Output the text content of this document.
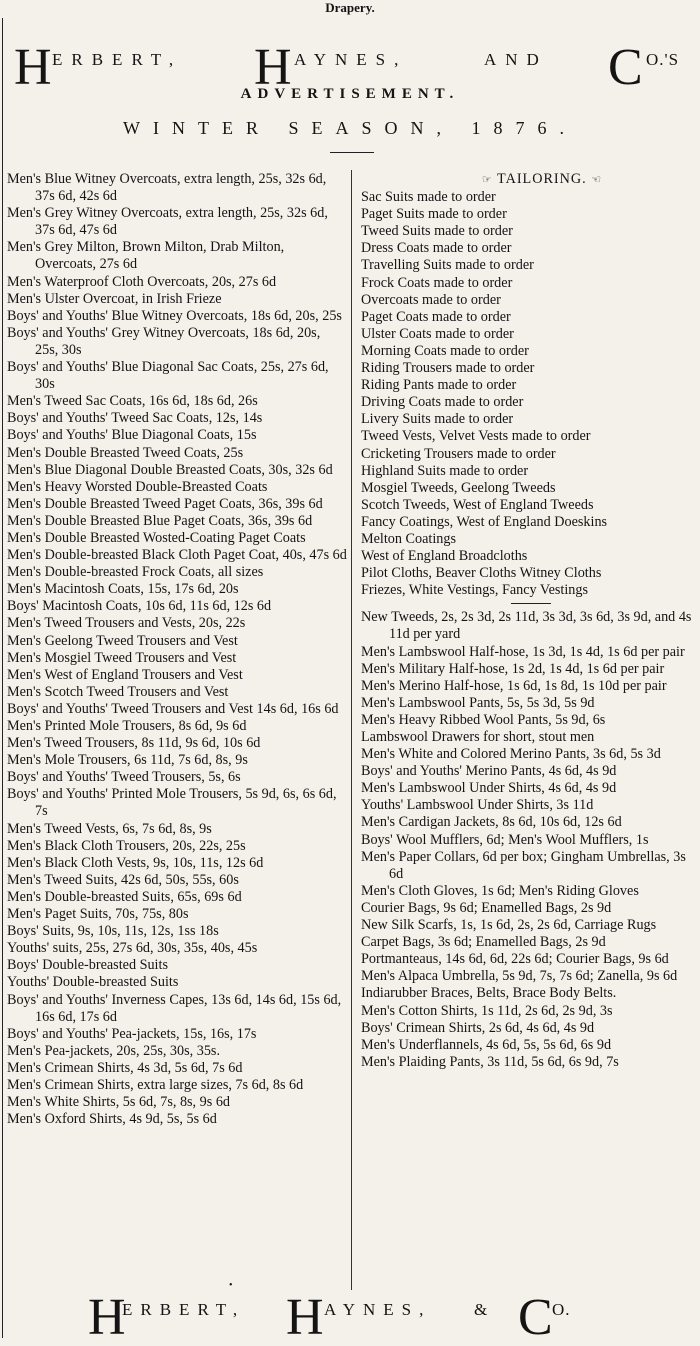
Drapery.
H ERBERT, H AYNES,	AND C O.'S
ADVERTISEMENT.
WINTER SEASON, 1876.

Men's Blue Witney Overcoats, extra length, 25s, 32s 6d, 37s 6d, 42s 6d

Men's Grey Witney Overcoats, extra length, 25s, 32s 6d, 37s 6d, 47s 6d

Men's Grey Milton, Brown Milton, Drab Milton, Overcoats, 27s 6d

Men's Waterproof Cloth Overcoats, 20s, 27s 6d

Men's Ulster Overcoat, in Irish Frieze

Boys' and Youths' Blue Witney Overcoats, 18s 6d, 20s, 25s

Boys' and Youths' Grey Witney Overcoats, 18s 6d, 20s, 25s, 30s

Boys' and Youths' Blue Diagonal Sac Coats, 25s, 27s 6d, 30s

Men's Tweed Sac Coats, 16s 6d, 18s 6d, 26s

Boys' and Youths' Tweed Sac Coats, 12s, 14s

Boys' and Youths' Blue Diagonal Coats, 15s

Men's Double Breasted Tweed Coats, 25s

Men's Blue Diagonal Double Breasted Coats, 30s, 32s 6d

Men's Heavy Worsted Double-Breasted Coats

Men's Double Breasted Tweed Paget Coats, 36s, 39s 6d

Men's Double Breasted Blue Paget Coats, 36s, 39s 6d

Men's Double Breasted Wosted-Coating Paget Coats

Men's Double-breasted Black Cloth Paget Coat, 40s, 47s 6d

Men's Double-breasted Frock Coats, all sizes

Men's Macintosh Coats, 15s, 17s 6d, 20s

Boys' Macintosh Coats, 10s 6d, 11s 6d, 12s 6d

Men's Tweed Trousers and Vests, 20s, 22s

Men's Geelong Tweed Trousers and Vest

Men's Mosgiel Tweed Trousers and Vest

Men's West of England Trousers and Vest

Men's Scotch Tweed Trousers and Vest

Boys' and Youths' Tweed Trousers and Vest 14s 6d, 16s 6d

Men's Printed Mole Trousers, 8s 6d, 9s 6d

Men's Tweed Trousers, 8s 11d, 9s 6d, 10s 6d

Men's Mole Trousers, 6s 11d, 7s 6d, 8s, 9s

Boys' and Youths' Tweed Trousers, 5s, 6s

Boys' and Youths' Printed Mole Trousers, 5s 9d, 6s, 6s 6d, 7s

Men's Tweed Vests, 6s, 7s 6d, 8s, 9s

Men's Black Cloth Trousers, 20s, 22s, 25s

Men's Black Cloth Vests, 9s, 10s, 11s, 12s 6d

Men's Tweed Suits, 42s 6d, 50s, 55s, 60s

Men's Double-breasted Suits, 65s, 69s 6d

Men's Paget Suits, 70s, 75s, 80s

Boys' Suits, 9s, 10s, 11s, 12s, 1ss 18s

Youths' suits, 25s, 27s 6d, 30s, 35s, 40s, 45s

Boys' Double-breasted Suits

Youths' Double-breasted Suits

Boys' and Youths' Inverness Capes, 13s 6d, 14s 6d, 15s 6d, 16s 6d, 17s 6d

Boys' and Youths' Pea-jackets, 15s, 16s, 17s

Men's Pea-jackets, 20s, 25s, 30s, 35s.

Men's Crimean Shirts, 4s 3d, 5s 6d, 7s 6d

Men's Crimean Shirts, extra large sizes, 7s 6d, 8s 6d

Men's White Shirts, 5s 6d, 7s, 8s, 9s 6d

Men's Oxford Shirts, 4s 9d, 5s, 5s 6d

☞ TAILORING. ☜

Sac Suits made to order

Paget Suits made to order

Tweed Suits made to order

Dress Coats made to order

Travelling Suits made to order

Frock Coats made to order

Overcoats made to order

Paget Coats made to order

Ulster Coats made to order

Morning Coats made to order

Riding Trousers made to order

Riding Pants made to order

Driving Coats made to order

Livery Suits made to order

Tweed Vests, Velvet Vests made to order

Cricketing Trousers made to order

Highland Suits made to order

Mosgiel Tweeds, Geelong Tweeds

Scotch Tweeds, West of England Tweeds

Fancy Coatings, West of England Doeskins

Melton Coatings

West of England Broadcloths

Pilot Cloths, Beaver Cloths Witney Cloths

Friezes, White Vestings, Fancy Vestings

New Tweeds, 2s, 2s 3d, 2s 11d, 3s 3d, 3s 6d, 3s 9d, and 4s 11d per yard

Men's Lambswool Half-hose, 1s 3d, 1s 4d, 1s 6d per pair

Men's Military Half-hose, 1s 2d, 1s 4d, 1s 6d per pair

Men's Merino Half-hose, 1s 6d, 1s 8d, 1s 10d per pair

Men's Lambswool Pants, 5s, 5s 3d, 5s 9d

Men's Heavy Ribbed Wool Pants, 5s 9d, 6s

Lambswool Drawers for short, stout men

Men's White and Colored Merino Pants, 3s 6d, 5s 3d

Boys' and Youths' Merino Pants, 4s 6d, 4s 9d

Men's Lambswool Under Shirts, 4s 6d, 4s 9d

Youths' Lambswool Under Shirts, 3s 11d

Men's Cardigan Jackets, 8s 6d, 10s 6d, 12s 6d

Boys' Wool Mufflers, 6d; Men's Wool Mufflers, 1s

Men's Paper Collars, 6d per box; Gingham Umbrellas, 3s 6d

Men's Cloth Gloves, 1s 6d; Men's Riding Gloves

Courier Bags, 9s 6d; Enamelled Bags, 2s 9d

New Silk Scarfs, 1s, 1s 6d, 2s, 2s 6d, Carriage Rugs

Carpet Bags, 3s 6d; Enamelled Bags, 2s 9d

Portmanteaus, 14s 6d, 6d, 22s 6d; Courier Bags, 9s 6d

Men's Alpaca Umbrella, 5s 9d, 7s, 7s 6d; Zanella, 9s 6d

Indiarubber Braces, Belts, Brace Body Belts.

Men's Cotton Shirts, 1s 11d, 2s 6d, 2s 9d, 3s

Boys' Crimean Shirts, 2s 6d, 4s 6d, 4s 9d

Men's Underflannels, 4s 6d, 5s, 5s 6d, 6s 9d

Men's Plaiding Pants, 3s 11d, 5s 6d, 6s 9d, 7s

•
H
ERBERT, H AYNES,	& C O.
